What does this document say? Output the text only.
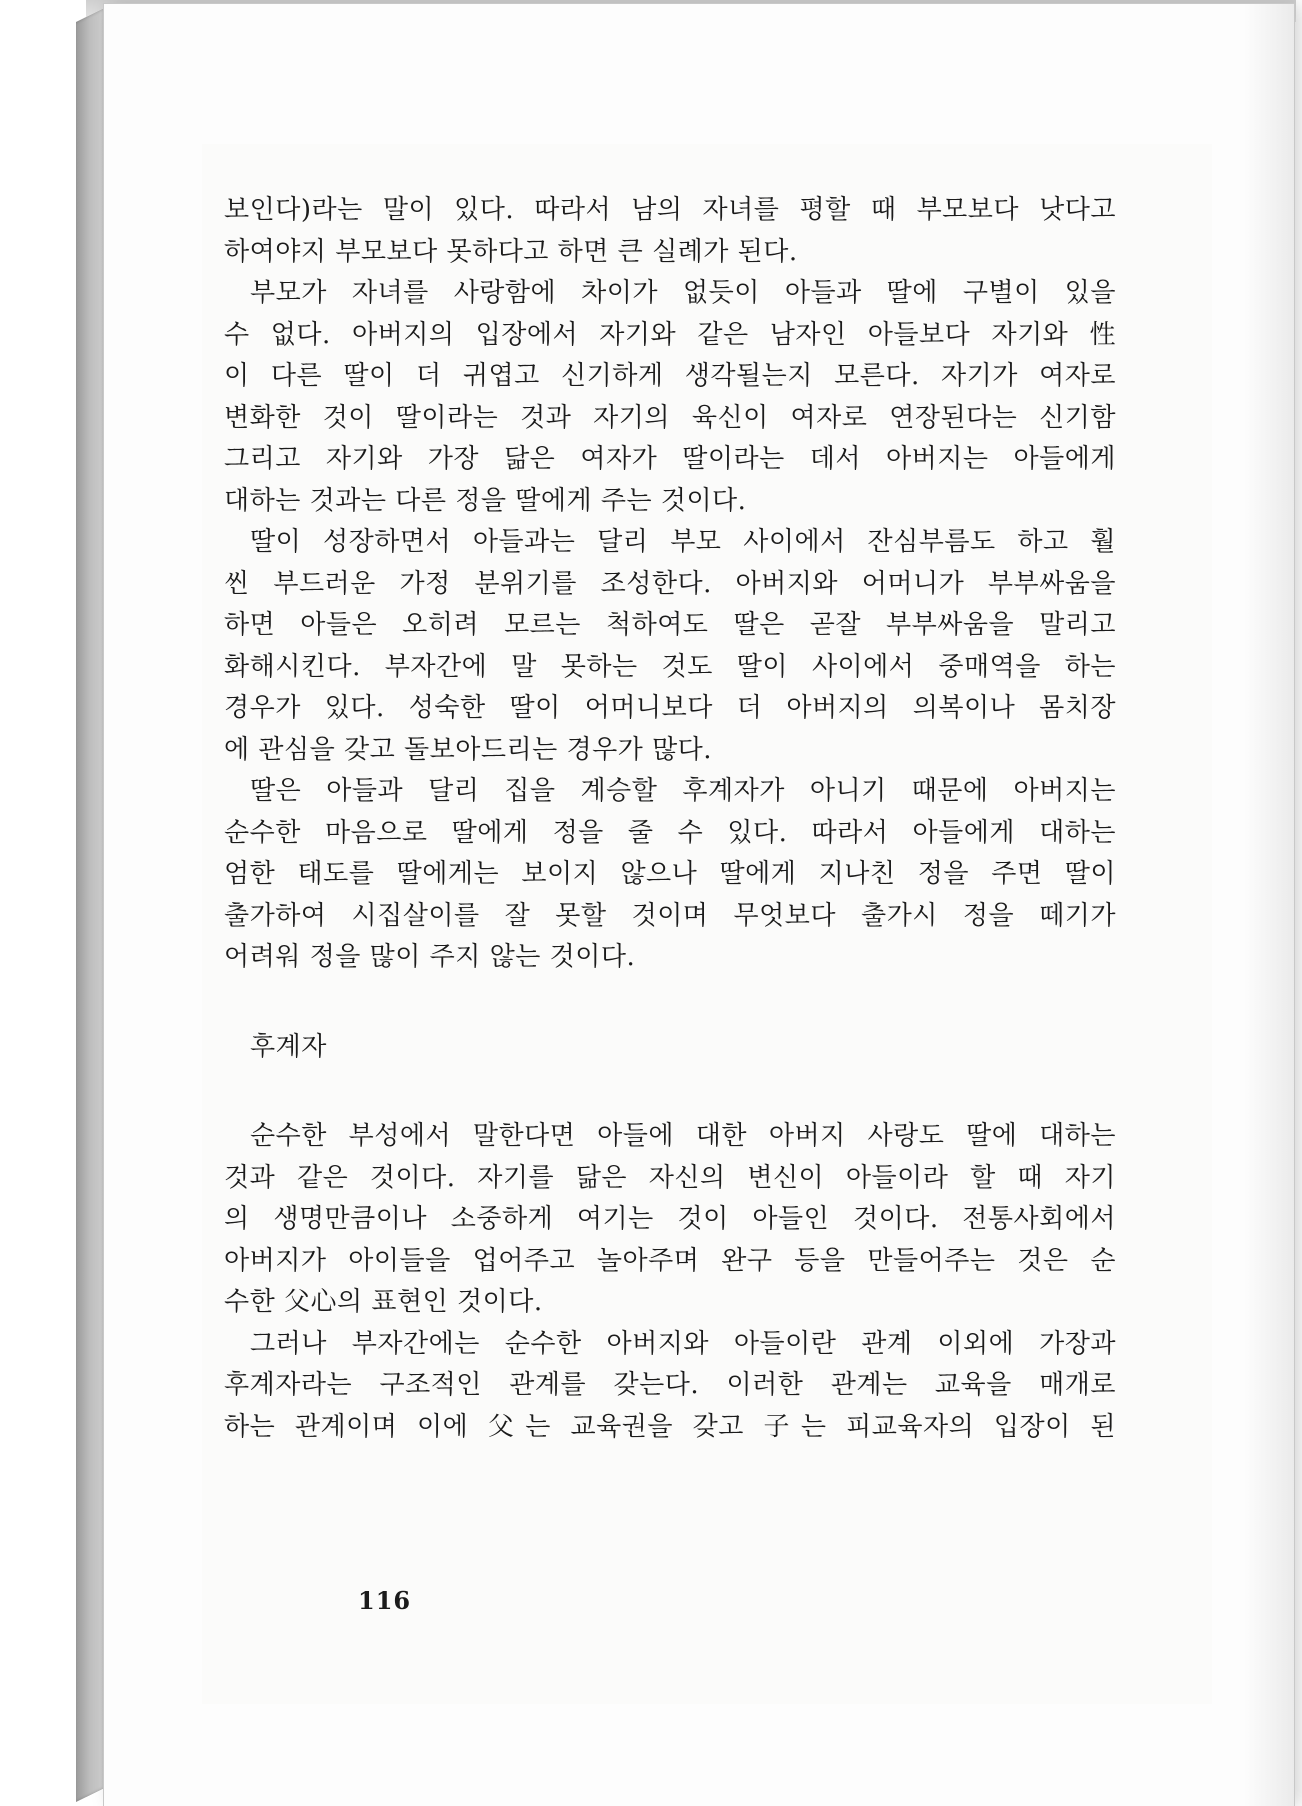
보인다)라는 말이 있다. 따라서 남의 자녀를 평할 때 부모보다 낫다고

하여야지 부모보다 못하다고 하면 큰 실례가 된다.

부모가 자녀를 사랑함에 차이가 없듯이 아들과 딸에 구별이 있을

수 없다. 아버지의 입장에서 자기와 같은 남자인 아들보다 자기와 性

이 다른 딸이 더 귀엽고 신기하게 생각될는지 모른다. 자기가 여자로

변화한 것이 딸이라는 것과 자기의 육신이 여자로 연장된다는 신기함

그리고 자기와 가장 닮은 여자가 딸이라는 데서 아버지는 아들에게

대하는 것과는 다른 정을 딸에게 주는 것이다.

딸이 성장하면서 아들과는 달리 부모 사이에서 잔심부름도 하고 훨

씬 부드러운 가정 분위기를 조성한다. 아버지와 어머니가 부부싸움을

하면 아들은 오히려 모르는 척하여도 딸은 곧잘 부부싸움을 말리고

화해시킨다. 부자간에 말 못하는 것도 딸이 사이에서 중매역을 하는

경우가 있다. 성숙한 딸이 어머니보다 더 아버지의 의복이나 몸치장

에 관심을 갖고 돌보아드리는 경우가 많다.

딸은 아들과 달리 집을 계승할 후계자가 아니기 때문에 아버지는

순수한 마음으로 딸에게 정을 줄 수 있다. 따라서 아들에게 대하는

엄한 태도를 딸에게는 보이지 않으나 딸에게 지나친 정을 주면 딸이

출가하여 시집살이를 잘 못할 것이며 무엇보다 출가시 정을 떼기가

어려워 정을 많이 주지 않는 것이다.

후계자

순수한 부성에서 말한다면 아들에 대한 아버지 사랑도 딸에 대하는

것과 같은 것이다. 자기를 닮은 자신의 변신이 아들이라 할 때 자기

의 생명만큼이나 소중하게 여기는 것이 아들인 것이다. 전통사회에서

아버지가 아이들을 업어주고 놀아주며 완구 등을 만들어주는 것은 순

수한 父心의 표현인 것이다.

그러나 부자간에는 순수한 아버지와 아들이란 관계 이외에 가장과

후계자라는 구조적인 관계를 갖는다. 이러한 관계는 교육을 매개로

하는 관계이며 이에 父는 교육권을 갖고 子는 피교육자의 입장이 된

116
